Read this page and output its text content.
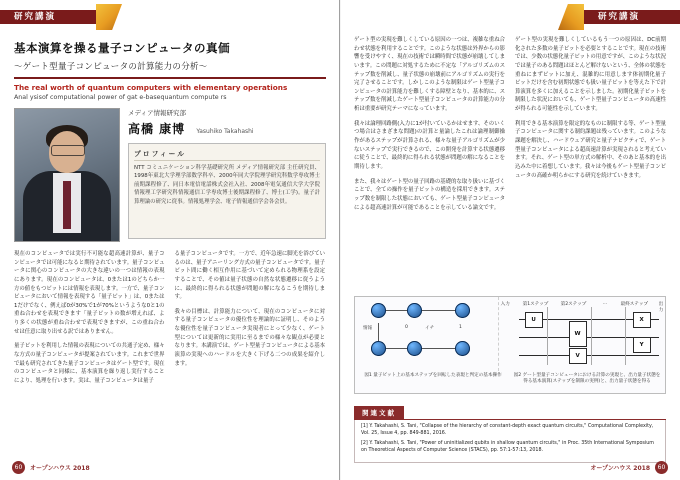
研究講演
基本演算を操る量子コンピュータの真価
〜ゲート型量子コンピュータの計算能力の分析〜
The real worth of quantum computers with elementary operations
Anal ysisof computational power of gat e-basequantum compute rs
メディア情報研究部
高橋 康博 Yasuhiko Takahashi
プロフィール
NTT コミュニケーション科学基礎研究所 メディア情報研究部 主任研究員、1998年東北大学理学部数学科卒、2000年同大学院理学研究科数学専攻博士前期課程修了、同日本電信電話株式会社入社、2008年電気通信大学大学院情報理工学研究科情報通信工学専攻博士後期課程修了、博士(工学)。量子計算理論の研究に従事。情報処理学会、電子情報通信学会各会員。

現在のコンピュータでは実行不可能な超高速計算が、量子コンピュータでは可能になると期待されています。量子コンピュータに関心のコンピュータの大きな違いの一つは情報の表現にあります。現在のコンピュータは、0または1のどちらか一方の値をもつビットには情報を表現します。一方で、量子コンピュータにおいて情報を表現する「量子ビット」は、0または1だけでなく、例えば0が30%で1が70%というような0と1の重ね合わせを表現できます「量子ビットの数が増えれば、より多くの状態が重ね合わせで表現できますが、この重ね合わせは任意に取り出せる訳ではありません。

量子ビットを利用した情報の表現についての共通子定め、様々な方式の量子コンピュータが提案されています。これまで世界で最も研究されてきた量子コンピュータはゲート型です。現在のコンピュータと同様に、基本演算を繰り返し実行することにより、処理を行います。実は、量子コンピュータは量子

る量子コンピュータです。一方で、近年急速に脚光を浴びているのは、量子アニーリング方式の量子コンピュータです。量子ビット間に働く相互作用に基づいて定められる物理系を設定することで、その値は量子状態の自然な状態遷移に従うように、最終的に得られる状態が問題の解になるこうを期待します。

我々の目標は、計算能力について、現在のコンピュータに対する量子コンピュータの優位性を理論的に証明し、そのような優位性を量子コンピュータ実現者にとって少なく、ゲート型については更新的に実用に至るまでの様々な観点が必要となります。本講演では、ゲート型量子コンピュータによる基本演算の実現へのハードルを大きく下げる二つの成果を紹介します。

60	オープンハウス 2018
研究講演

ゲート型の実現を難しくしている原因の一つは、複雑な重ね合わせ状態を利用することです。このような状態は外界からの影響を受けやすく、現在の技術では瞬時間で状態が崩壊してしまいます。この問題に対処するために不定な「アルゴリズムのステップ数を削減し、量子状態の崩壊前にアルゴリズムの実行を完了させることです。しかしこのような制限はゲート型量子コンピュータの計算能力を難しくする障壁となり、基本的に、ステップ数を削減したゲート型量子コンピュータの計算能力の分析は重要が研究テーマになっています。

我々は論理回路側(入力に1が付いているかはせます、そのいくつ場合はさまざまな問題)の計算と量論したこれは論理制御操作があるステップが計算される、様々な量子アルゴリズムが少ないステップで実行できるので、この開発を計算する状態遷移に従うことで、最終的に得られる状態が問題の解になることを期待します。

また、我々はゲート型の量子回路の基礎的な取り扱いに基づくことで、全ての操作を量子ビットの構造を採用できます。ステップ数を制限した状態においても、ゲート型量子コンピュータによる超高速計算が可能であることを示している論文です。

ゲート型の実現を難しくしているもう一つの原因は、DC前期化された多数の量子ビットを必要とすることです。現在の技術では、少数の状態化量子ビットの用意ですが、このような状況では量子のある問題はほとんど解けないという、全体の状態を重ねにまずビットに加え、混雑的に用意します体初期化量子ビットだけを含む初期状態でも扱い量子ビットを等えた下で計算演算を多くに加えることを示しました。初期化量子ビットを制限した状況においても、ゲート型量子コンピュータの高速性が得られる可能性を示しています。

利用できる基本演算を限定的なものに制限する等、ゲート型量子コンピュータに関する制約課題は残っています。このような課題を解決し、ハードウェア研究と量子ナビクティで、ゲート型量子コンピュータによる超高速計算が実現されると考えています。それ、ゲート型の単方式の解析中、そのあと基本的を出込みた中に着想しています。我々は今後もゲート型量子コンピュータの高確か明らかにする研究を続けていきます。

情報	0	イチ	1
U
W
X
V
Y
入力	第1ステップ	第2ステップ	…	最終ステップ 出力
図1 量子ビット上の基本ステップを回転した表現と判定の基本操作	図2 ゲート型量子コンピュータにおける計算の実現と、出力量子状態を得る基本演算(ステップを制限の実例)と、出力量子状態を得る
関連文献
[1] Y. Takahashi, S. Tani, "Collapse of the hierarchy of constant-depth exact quantum circuits," Computational Complexity, Vol. 25, Issue 4, pp. 849-881, 2016.
[2] Y. Takahashi, S. Tani, "Power of uninitialized qubits in shallow quantum circuits," in Proc. 35th International Symposium on Theoretical Aspects of Computer Science (STACS), pp. 57:1-57:13, 2018.
60
オープンハウス 2018
